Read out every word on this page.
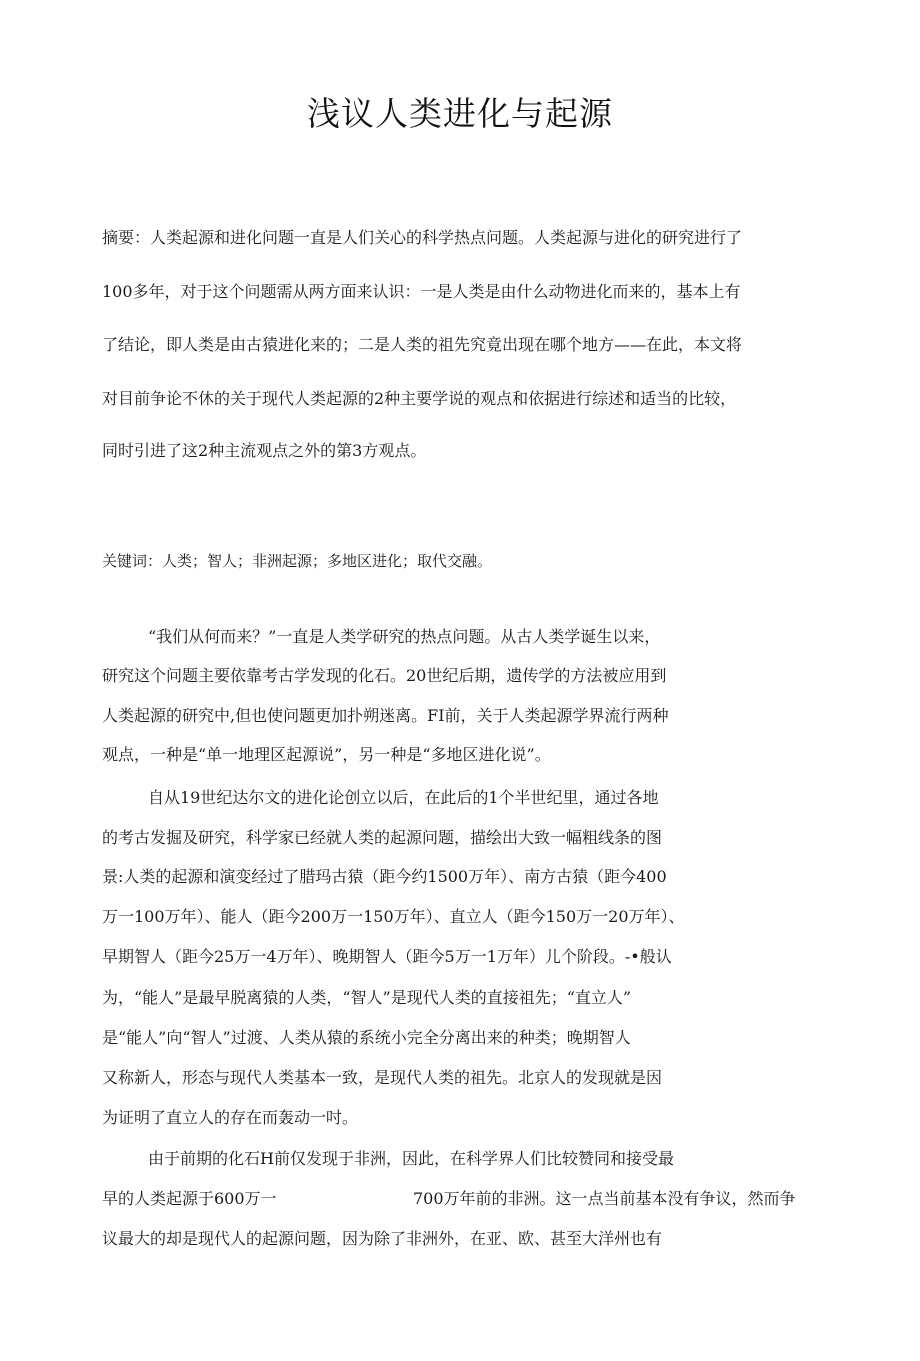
浅议人类进化与起源
摘要：人类起源和进化问题一直是人们关心的科学热点问题。人类起源与进化的研究进行了
100多年，对于这个问题需从两方面来认识：一是人类是由什么动物进化而来的，基本上有
了结论，即人类是由古猿进化来的；二是人类的祖先究竟出现在哪个地方——在此，本文将
对目前争论不休的关于现代人类起源的2种主要学说的观点和依据进行综述和适当的比较，
同时引进了这2种主流观点之外的第3方观点。
关键词：人类；智人；非洲起源；多地区进化；取代交融。
“我们从何而来？”一直是人类学研究的热点问题。从古人类学诞生以来，
研究这个问题主要依靠考古学发现的化石。20世纪后期，遗传学的方法被应用到
人类起源的研究中,但也使问题更加扑朔迷离。FI前，关于人类起源学界流行两种
观点，一种是“单一地理区起源说”，另一种是“多地区进化说”。
自从19世纪达尔文的进化论创立以后，在此后的1个半世纪里，通过各地
的考古发掘及研究，科学家已经就人类的起源问题，描绘出大致一幅粗线条的图
景:人类的起源和演变经过了腊玛古猿（距今约1500万年）、南方古猿（距今400
万一100万年）、能人（距今200万一150万年）、直立人（距今150万一20万年）、
早期智人（距今25万一4万年）、晚期智人（距今5万一1万年）儿个阶段。-•般认
为，“能人”是最早脱离猿的人类，“智人”是现代人类的直接祖先；“直立人”
是“能人”向“智人”过渡、人类从猿的系统小完全分离出来的种类；晚期智人
又称新人，形态与现代人类基本一致，是现代人类的祖先。北京人的发现就是因
为证明了直立人的存在而轰动一吋。
由于前期的化石H前仅发现于非洲，因此，在科学界人们比较赞同和接受最
早的人类起源于600万一	700万年前的非洲。这一点当前基本没有争议，然而争
议最大的却是现代人的起源问题，因为除了非洲外，在亚、欧、甚至大洋州也有
